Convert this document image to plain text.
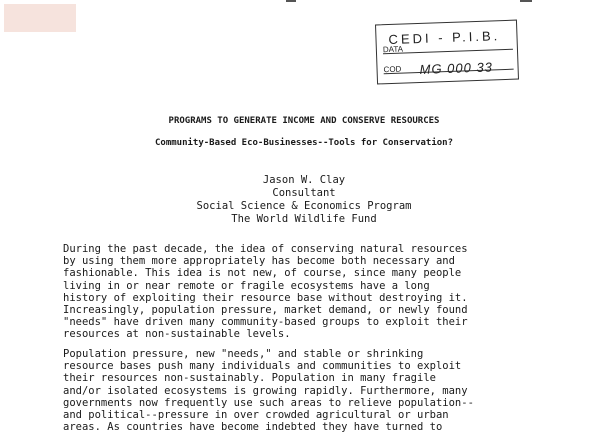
CEDI - P.I.B.
DATA
COD MG 000 33
PROGRAMS TO GENERATE INCOME AND CONSERVE RESOURCES
Community-Based Eco-Businesses--Tools for Conservation?
Jason W. Clay
Consultant
Social Science & Economics Program
The World Wildlife Fund

During the past decade, the idea of conserving natural resources
by using them more appropriately has become both necessary and
fashionable. This idea is not new, of course, since many people
living in or near remote or fragile ecosystems have a long
history of exploiting their resource base without destroying it.
Increasingly, population pressure, market demand, or newly found
"needs" have driven many community-based groups to exploit their
resources at non-sustainable levels.

Population pressure, new "needs," and stable or shrinking
resource bases push many individuals and communities to exploit
their resources non-sustainably. Population in many fragile
and/or isolated ecosystems is growing rapidly. Furthermore, many
governments now frequently use such areas to relieve population--
and political--pressure in over crowded agricultural or urban
areas. As countries have become indebted they have turned to
